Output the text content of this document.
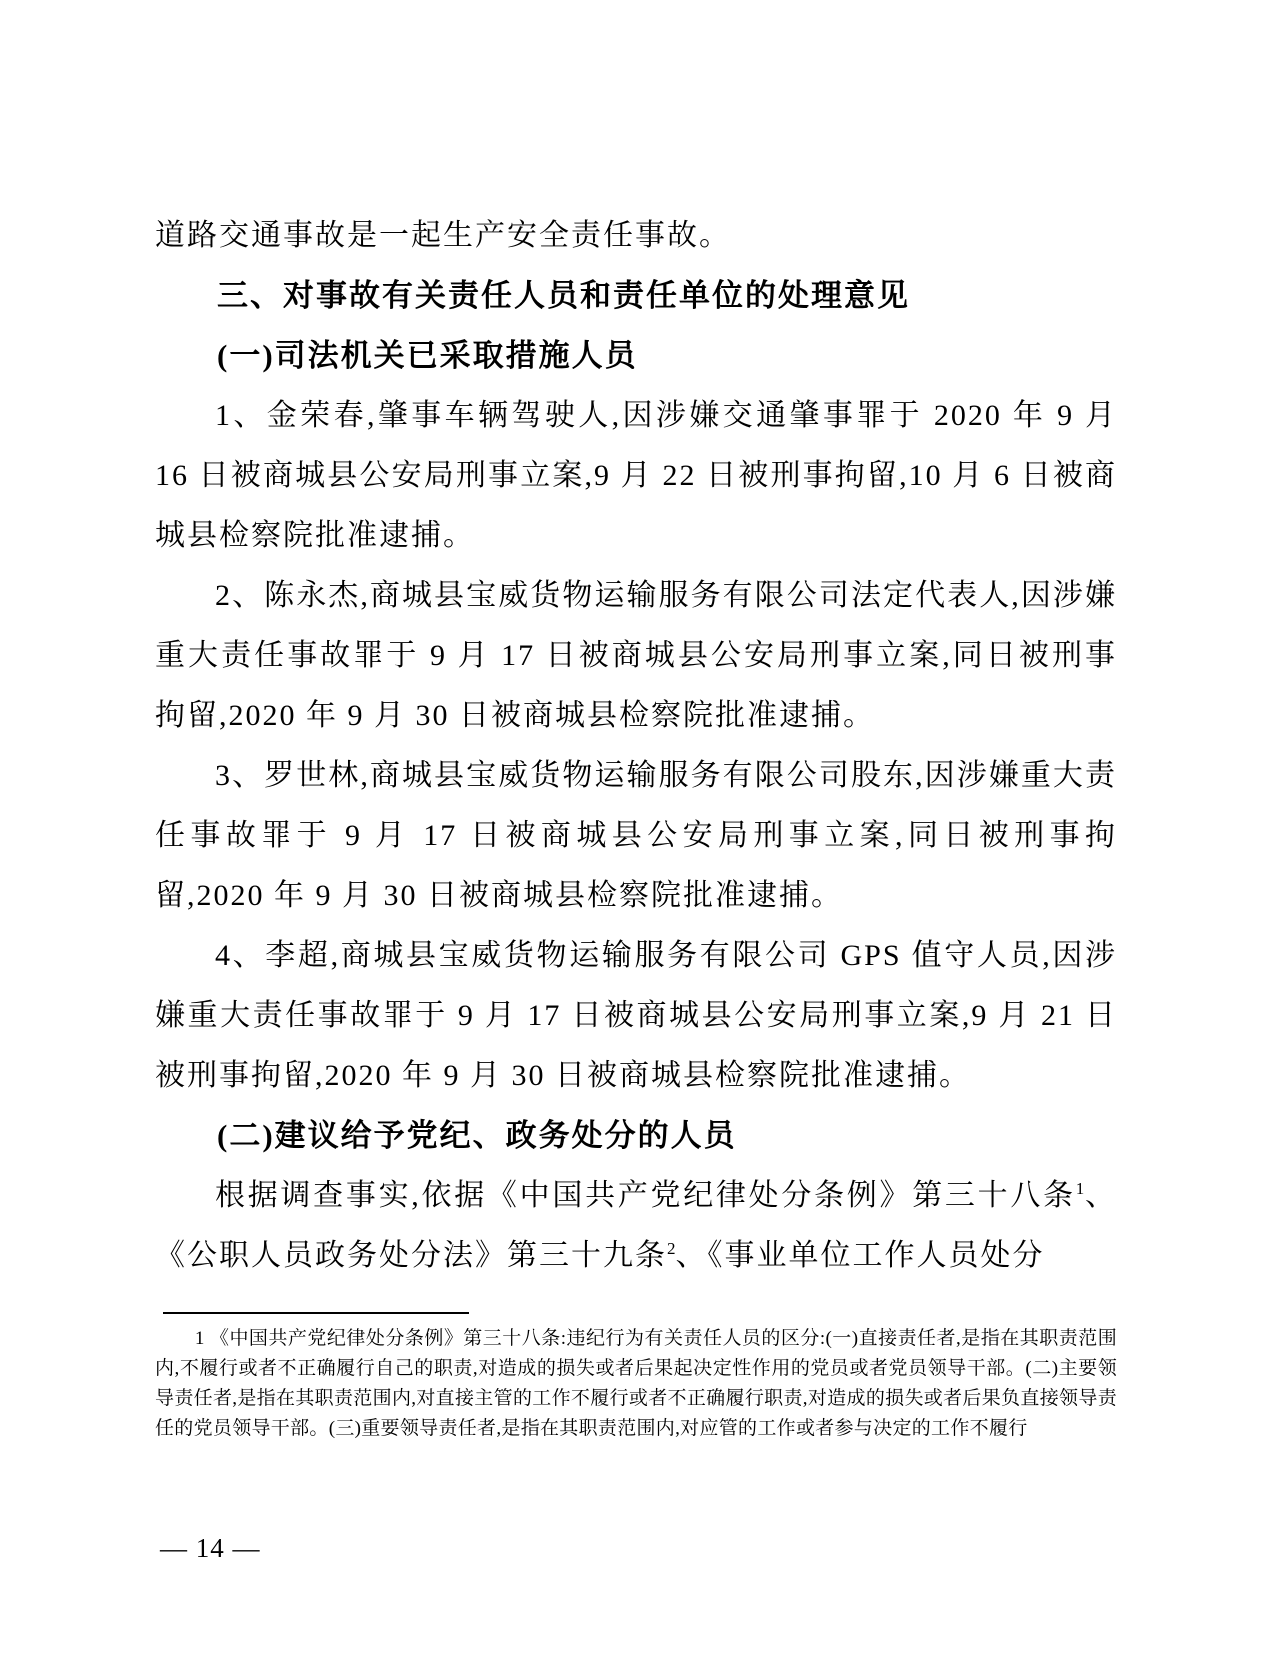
道路交通事故是一起生产安全责任事故。

三、对事故有关责任人员和责任单位的处理意见
(一)司法机关已采取措施人员

1、金荣春,肇事车辆驾驶人,因涉嫌交通肇事罪于 2020 年 9 月 16 日被商城县公安局刑事立案,9 月 22 日被刑事拘留,10 月 6 日被商城县检察院批准逮捕。

2、陈永杰,商城县宝威货物运输服务有限公司法定代表人,因涉嫌重大责任事故罪于 9 月 17 日被商城县公安局刑事立案,同日被刑事拘留,2020 年 9 月 30 日被商城县检察院批准逮捕。

3、罗世林,商城县宝威货物运输服务有限公司股东,因涉嫌重大责任事故罪于 9 月 17 日被商城县公安局刑事立案,同日被刑事拘留,2020 年 9 月 30 日被商城县检察院批准逮捕。

4、李超,商城县宝威货物运输服务有限公司 GPS 值守人员,因涉嫌重大责任事故罪于 9 月 17 日被商城县公安局刑事立案,9 月 21 日被刑事拘留,2020 年 9 月 30 日被商城县检察院批准逮捕。

(二)建议给予党纪、政务处分的人员

根据调查事实,依据《中国共产党纪律处分条例》第三十八条$^1$、《公职人员政务处分法》第三十九条$^2$、《事业单位工作人员处分

1 《中国共产党纪律处分条例》第三十八条:违纪行为有关责任人员的区分:(一)直接责任者,是指在其职责范围内,不履行或者不正确履行自己的职责,对造成的损失或者后果起决定性作用的党员或者党员领导干部。(二)主要领导责任者,是指在其职责范围内,对直接主管的工作不履行或者不正确履行职责,对造成的损失或者后果负直接领导责任的党员领导干部。(三)重要领导责任者,是指在其职责范围内,对应管的工作或者参与决定的工作不履行

— 14 —
